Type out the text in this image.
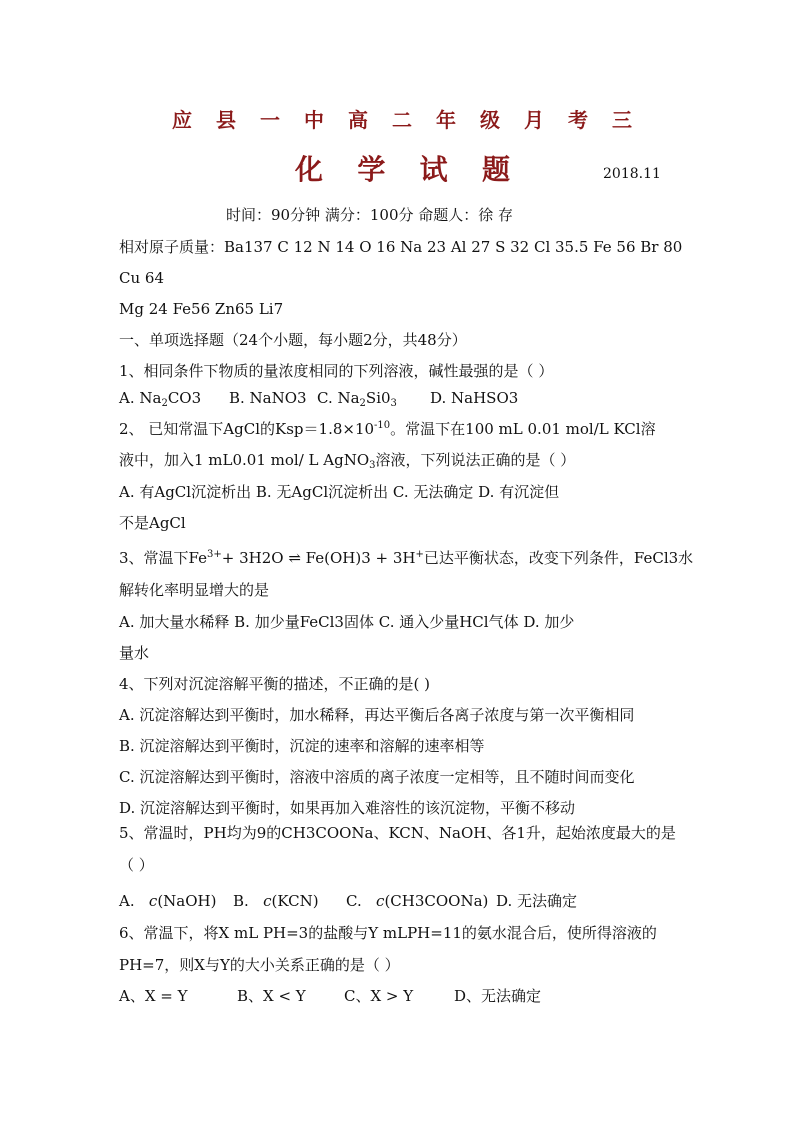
应 县 一 中 高 二 年 级 月 考 三
化 学 试 题	2018.11
时间：90分钟 满分：100分 命题人：徐 存
相对原子质量：Ba137 C 12 N 14 O 16 Na 23 Al 27 S 32 Cl 35.5 Fe 56 Br 80
Cu 64
Mg 24 Fe56 Zn65 Li7
一、单项选择题（24个小题，每小题2分，共48分）
1、相同条件下物质的量浓度相同的下列溶液，碱性最强的是（ ）
A. $Na_2CO3$	B. NaNO3 C. $Na_2Si0_3$	D. NaHSO3
2、 已知常温下AgCl的$Ksp=1.8\times 10^{-10}$。常温下在100 mL 0.01 mol/L KCl溶
液中，加入1 mL0.01 mol/ L AgNO$_3$溶液，下列说法正确的是（ ）
A. 有AgCl沉淀析出 B. 无AgCl沉淀析出 C. 无法确定 D. 有沉淀但
不是AgCl
3、常温下$Fe^{3+}+ 3H2O$ ⇌ Fe(OH)3 + 3H+已达平衡状态，改变下列条件，FeCl3水
解转化率明显增大的是
A. 加大量水稀释 B. 加少量FeCl3固体 C. 通入少量HCl气体 D. 加少
量水
4、下列对沉淀溶解平衡的描述，不正确的是( )
A. 沉淀溶解达到平衡时，加水稀释，再达平衡后各离子浓度与第一次平衡相同
B. 沉淀溶解达到平衡时，沉淀的速率和溶解的速率相等
C. 沉淀溶解达到平衡时，溶液中溶质的离子浓度一定相等，且不随时间而变化
D. 沉淀溶解达到平衡时，如果再加入难溶性的该沉淀物，平衡不移动
5、常温时，PH均为9的CH3COONa、KCN、NaOH、各1升，起始浓度最大的是
（ ）
A. c(NaOH)	B. c(KCN)	C. c(CH3COONa) D. 无法确定
6、常温下，将X mL PH=3的盐酸与Y mLPH=11的氨水混合后，使所得溶液的
PH=7，则X与Y的大小关系正确的是（ ）
A、X = Y	B、X < Y	C、X > Y	D、无法确定
